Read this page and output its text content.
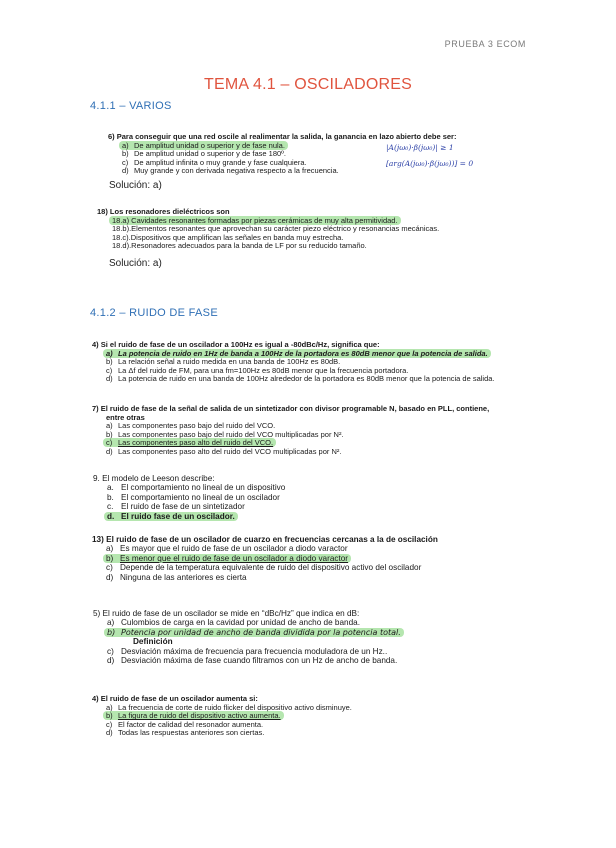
PRUEBA 3 ECOM
TEMA 4.1 – OSCILADORES
4.1.1 – VARIOS
6) Para conseguir que una red oscile al realimentar la salida, la ganancia en lazo abierto debe ser:
a) De amplitud unidad o superior y de fase nula.
b) De amplitud unidad o superior y de fase 180º.
c) De amplitud infinita o muy grande y fase cualquiera.
d) Muy grande y con derivada negativa respecto a la frecuencia.
|A(jω₀)·β(jω₀)| ≥ 1
[arg(A(jω₀)·β(jω₀))] = 0
Solución: a)
18) Los resonadores dieléctricos son
18.a) Cavidades resonantes formadas por piezas cerámicas de muy alta permitividad.
18.b).Elementos resonantes que aprovechan su carácter piezo eléctrico y resonancias mecánicas.
18.c).Dispositivos que amplifican las señales en banda muy estrecha.
18.d).Resonadores adecuados para la banda de LF por su reducido tamaño.
Solución: a)
4.1.2 – RUIDO DE FASE
4) Si el ruido de fase de un oscilador a 100Hz es igual a -80dBc/Hz, significa que:
a) La potencia de ruido en 1Hz de banda a 100Hz de la portadora es 80dB menor que la potencia de salida.
b) La relación señal a ruido medida en una banda de 100Hz es 80dB.
c) La Δf del ruido de FM, para una fm=100Hz es 80dB menor que la frecuencia portadora.
d) La potencia de ruido en una banda de 100Hz alrededor de la portadora es 80dB menor que la potencia de salida.
7) El ruido de fase de la señal de salida de un sintetizador con divisor programable N, basado en PLL, contiene,
entre otras
a) Las componentes paso bajo del ruido del VCO.
b) Las componentes paso bajo del ruido del VCO multiplicadas por N².
c) Las componentes paso alto del ruido del VCO.
d) Las componentes paso alto del ruido del VCO multiplicadas por N².
9. El modelo de Leeson describe:
a. El comportamiento no lineal de un dispositivo
b. El comportamiento no lineal de un oscilador
c. El ruido de fase de un sintetizador
d. El ruido fase de un oscilador.
13) El ruido de fase de un oscilador de cuarzo en frecuencias cercanas a la de oscilación
a) Es mayor que el ruido de fase de un oscilador a diodo varactor
b) Es menor que el ruido de fase de un oscilador a diodo varactor
c) Depende de la temperatura equivalente de ruido del dispositivo activo del oscilador
d) Ninguna de las anteriores es cierta
5) El ruido de fase de un oscilador se mide en “dBc/Hz” que indica en dB:
a) Culombios de carga en la cavidad por unidad de ancho de banda.
b) Potencia por unidad de ancho de banda dividida por la potencia total.
Definición
c) Desviación máxima de frecuencia para frecuencia moduladora de un Hz..
d) Desviación máxima de fase cuando filtramos con un Hz de ancho de banda.
4) El ruido de fase de un oscilador aumenta si:
a) La frecuencia de corte de ruido flicker del dispositivo activo disminuye.
b) La figura de ruido del dispositivo activo aumenta.
c) El factor de calidad del resonador aumenta.
d) Todas las respuestas anteriores son ciertas.
